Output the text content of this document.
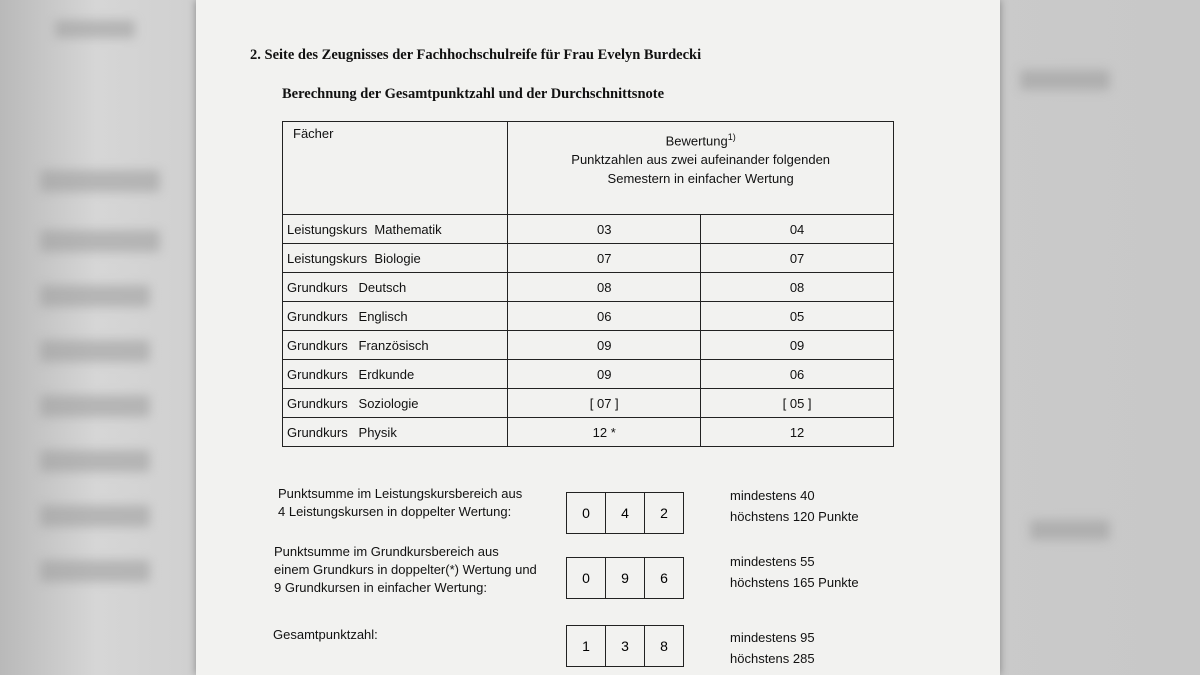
2. Seite des Zeugnisses der Fachhochschulreife für Frau Evelyn Burdecki
Berechnung der Gesamtpunktzahl und der Durchschnittsnote
Fächer	Bewertung$^{1)}$
Punktzahlen aus zwei aufeinander folgenden
Semestern in einfacher Wertung	
Leistungskurs  Mathematik	03	04
Leistungskurs  Biologie	07	07
Grundkurs   Deutsch	08	08
Grundkurs   Englisch	06	05
Grundkurs   Französisch	09	09
Grundkurs   Erdkunde	09	06
Grundkurs   Soziologie	[ 07 ]	[ 05 ]
Grundkurs   Physik	12 *	12
Punktsumme im Leistungskursbereich aus
4 Leistungskursen in doppelter Wertung:	0	4	2
mindestens 40
höchstens 120 Punkte
Punktsumme im Grundkursbereich aus
einem Grundkurs in doppelter(*) Wertung und
9 Grundkursen in einfacher Wertung:
0	9	6
mindestens 55
höchstens 165 Punkte
Gesamtpunktzahl:
1	3	8
mindestens 95
höchstens 285
